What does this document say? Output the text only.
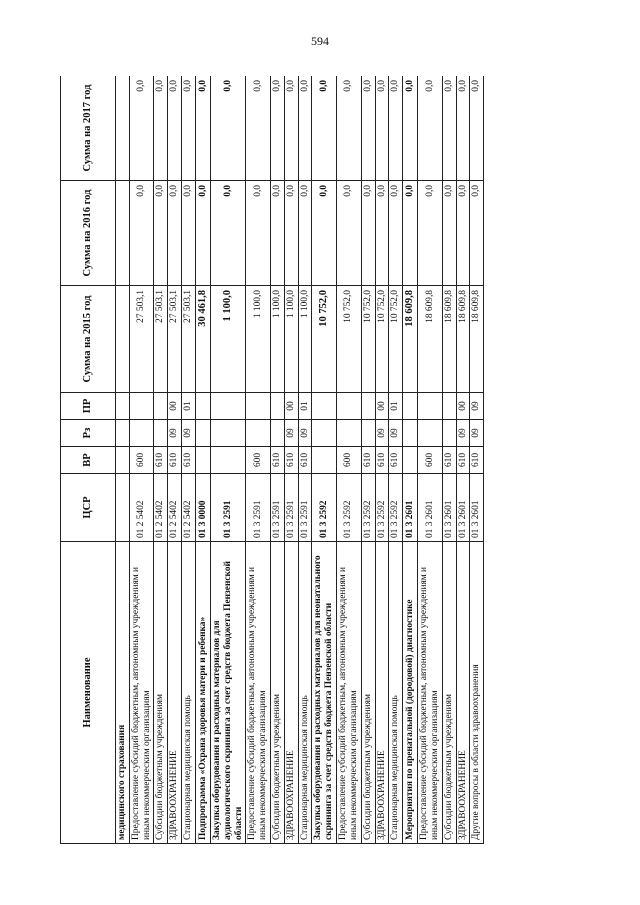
594
Наименование	ЦСР	ВР	Рз	ПР	Сумма на 2015 год	Сумма на 2016 год	Сумма на 2017 год
медицинского страхования							
Предоставление субсидий бюджетным, автономным учреждениям и иным некоммерческим организациям	01 2 5402	600			27 503,1	0,0	0,0
Субсидии бюджетным учреждениям	01 2 5402	610			27 503,1	0,0	0,0
ЗДРАВООХРАНЕНИЕ	01 2 5402	610	09	00	27 503,1	0,0	0,0
Стационарная медицинская помощь	01 2 5402	610	09	01	27 503,1	0,0	0,0
Подпрограмма «Охрана здоровья матери и ребенка»	01 3 0000				30 461,8	0,0	0,0
Закупка оборудования и расходных материалов для аудиологического скрининга за счет средств бюджета Пензенской области	01 3 2591				1 100,0	0,0	0,0
Предоставление субсидий бюджетным, автономным учреждениям и иным некоммерческим организациям	01 3 2591	600			1 100,0	0,0	0,0
Субсидии бюджетным учреждениям	01 3 2591	610			1 100,0	0,0	0,0
ЗДРАВООХРАНЕНИЕ	01 3 2591	610	09	00	1 100,0	0,0	0,0
Стационарная медицинская помощь	01 3 2591	610	09	01	1 100,0	0,0	0,0
Закупка оборудования и расходных материалов для неонатального скрининга за счет средств бюджета Пензенской области	01 3 2592				10 752,0	0,0	0,0
Предоставление субсидий бюджетным, автономным учреждениям и иным некоммерческим организациям	01 3 2592	600			10 752,0	0,0	0,0
Субсидии бюджетным учреждениям	01 3 2592	610			10 752,0	0,0	0,0
ЗДРАВООХРАНЕНИЕ	01 3 2592	610	09	00	10 752,0	0,0	0,0
Стационарная медицинская помощь	01 3 2592	610	09	01	10 752,0	0,0	0,0
Мероприятия по пренатальной (дородовой) диагностике	01 3 2601				18 609,8	0,0	0,0
Предоставление субсидий бюджетным, автономным учреждениям и иным некоммерческим организациям	01 3 2601	600			18 609,8	0,0	0,0
Субсидии бюджетным учреждениям	01 3 2601	610			18 609,8	0,0	0,0
ЗДРАВООХРАНЕНИЕ	01 3 2601	610	09	00	18 609,8	0,0	0,0
Другие вопросы в области здравоохранения	01 3 2601	610	09	09	18 609,8	0,0	0,0
